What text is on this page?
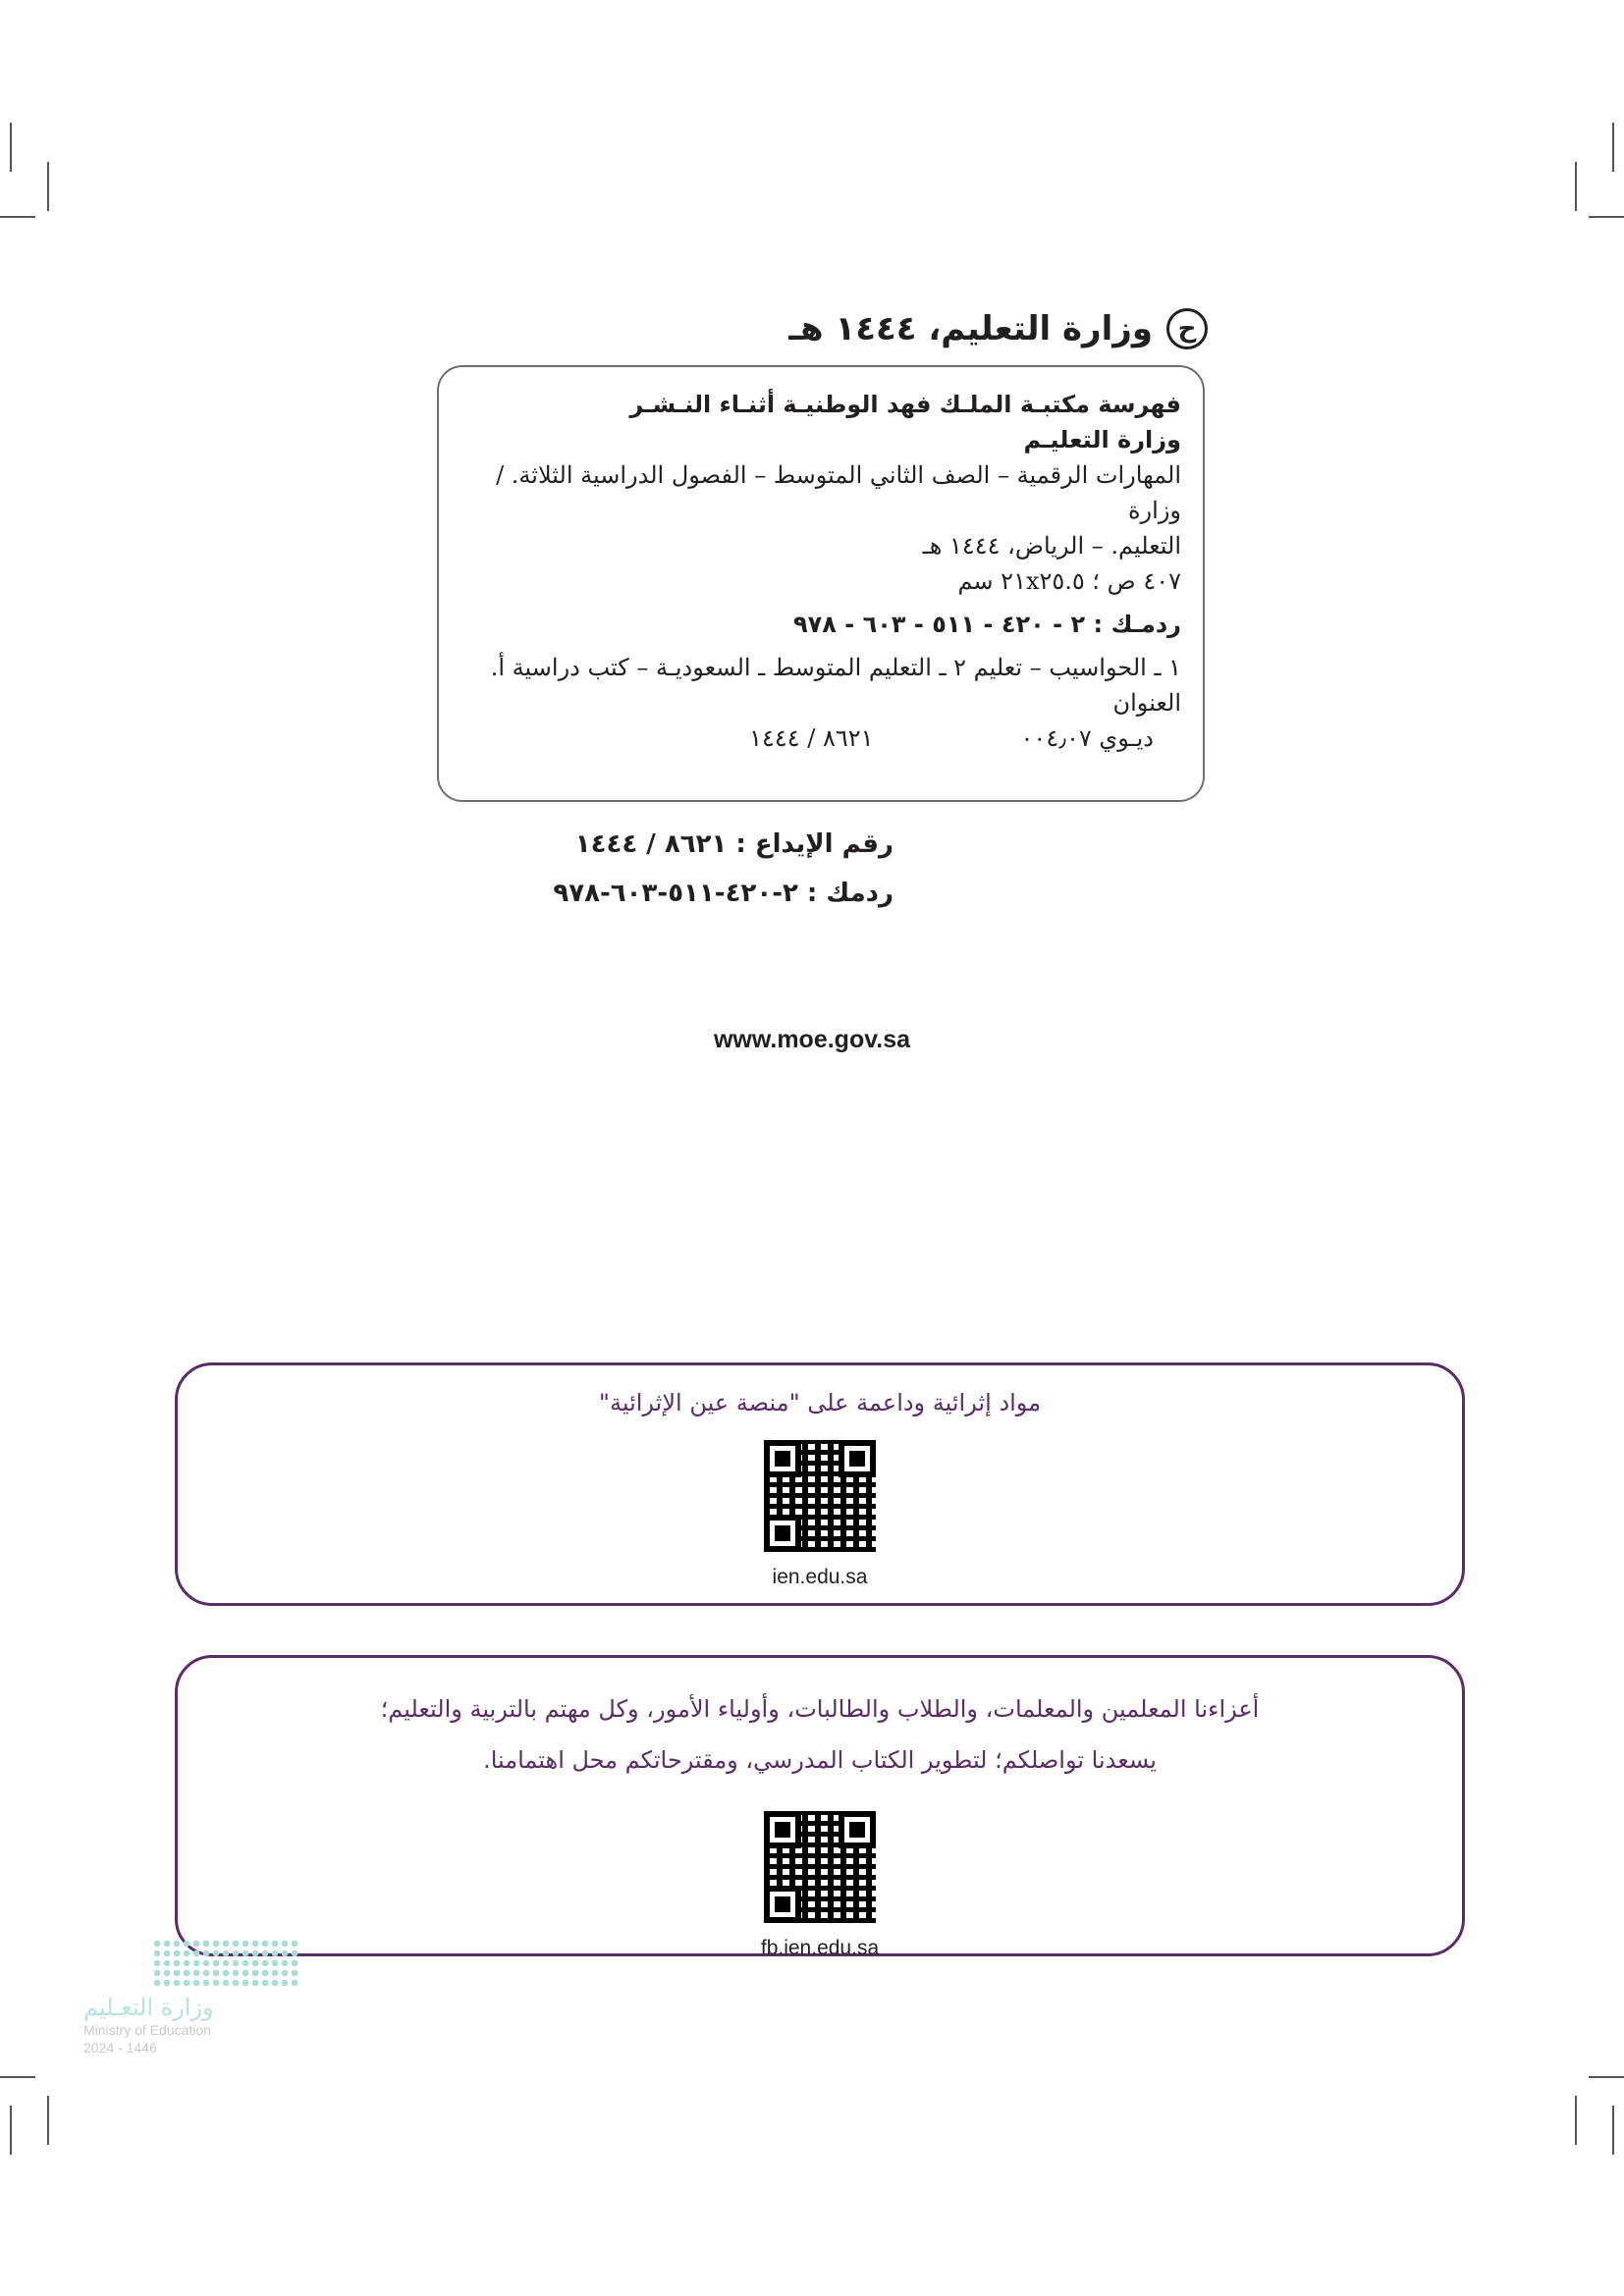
ح
وزارة التعليم، ١٤٤٤ هـ
فهرسة مكتبـة الملـك فهد الوطنيـة أثنـاء النـشـر
وزارة التعليـم
المهارات الرقمية – الصف الثاني المتوسط – الفصول الدراسية الثلاثة. / وزارة
التعليم. – الرياض، ١٤٤٤ هـ
٤٠٧ ص ؛ ٢١x٢٥.٥ سم
ردمـك : ٢ - ٤٢٠ - ٥١١ - ٦٠٣ - ٩٧٨
١ ـ الحواسيب – تعليم ٢ ـ التعليم المتوسط ـ السعوديـة – كتب دراسية أ.
العنوان
ديـوي ٠٠٤٫٠٧
٨٦٢١ / ١٤٤٤
رقم الإيداع : ٨٦٢١ / ١٤٤٤
ردمك : ٢-٤٢٠-٥١١-٦٠٣-٩٧٨
www.moe.gov.sa
مواد إثرائية وداعمة على "منصة عين الإثرائية"
ien.edu.sa
أعزاءنا المعلمين والمعلمات، والطلاب والطالبات، وأولياء الأمور، وكل مهتم بالتربية والتعليم؛
يسعدنا تواصلكم؛ لتطوير الكتاب المدرسي، ومقترحاتكم محل اهتمامنا.
fb.ien.edu.sa
وزارة التعـليم
Ministry of Education
2024 - 1446
